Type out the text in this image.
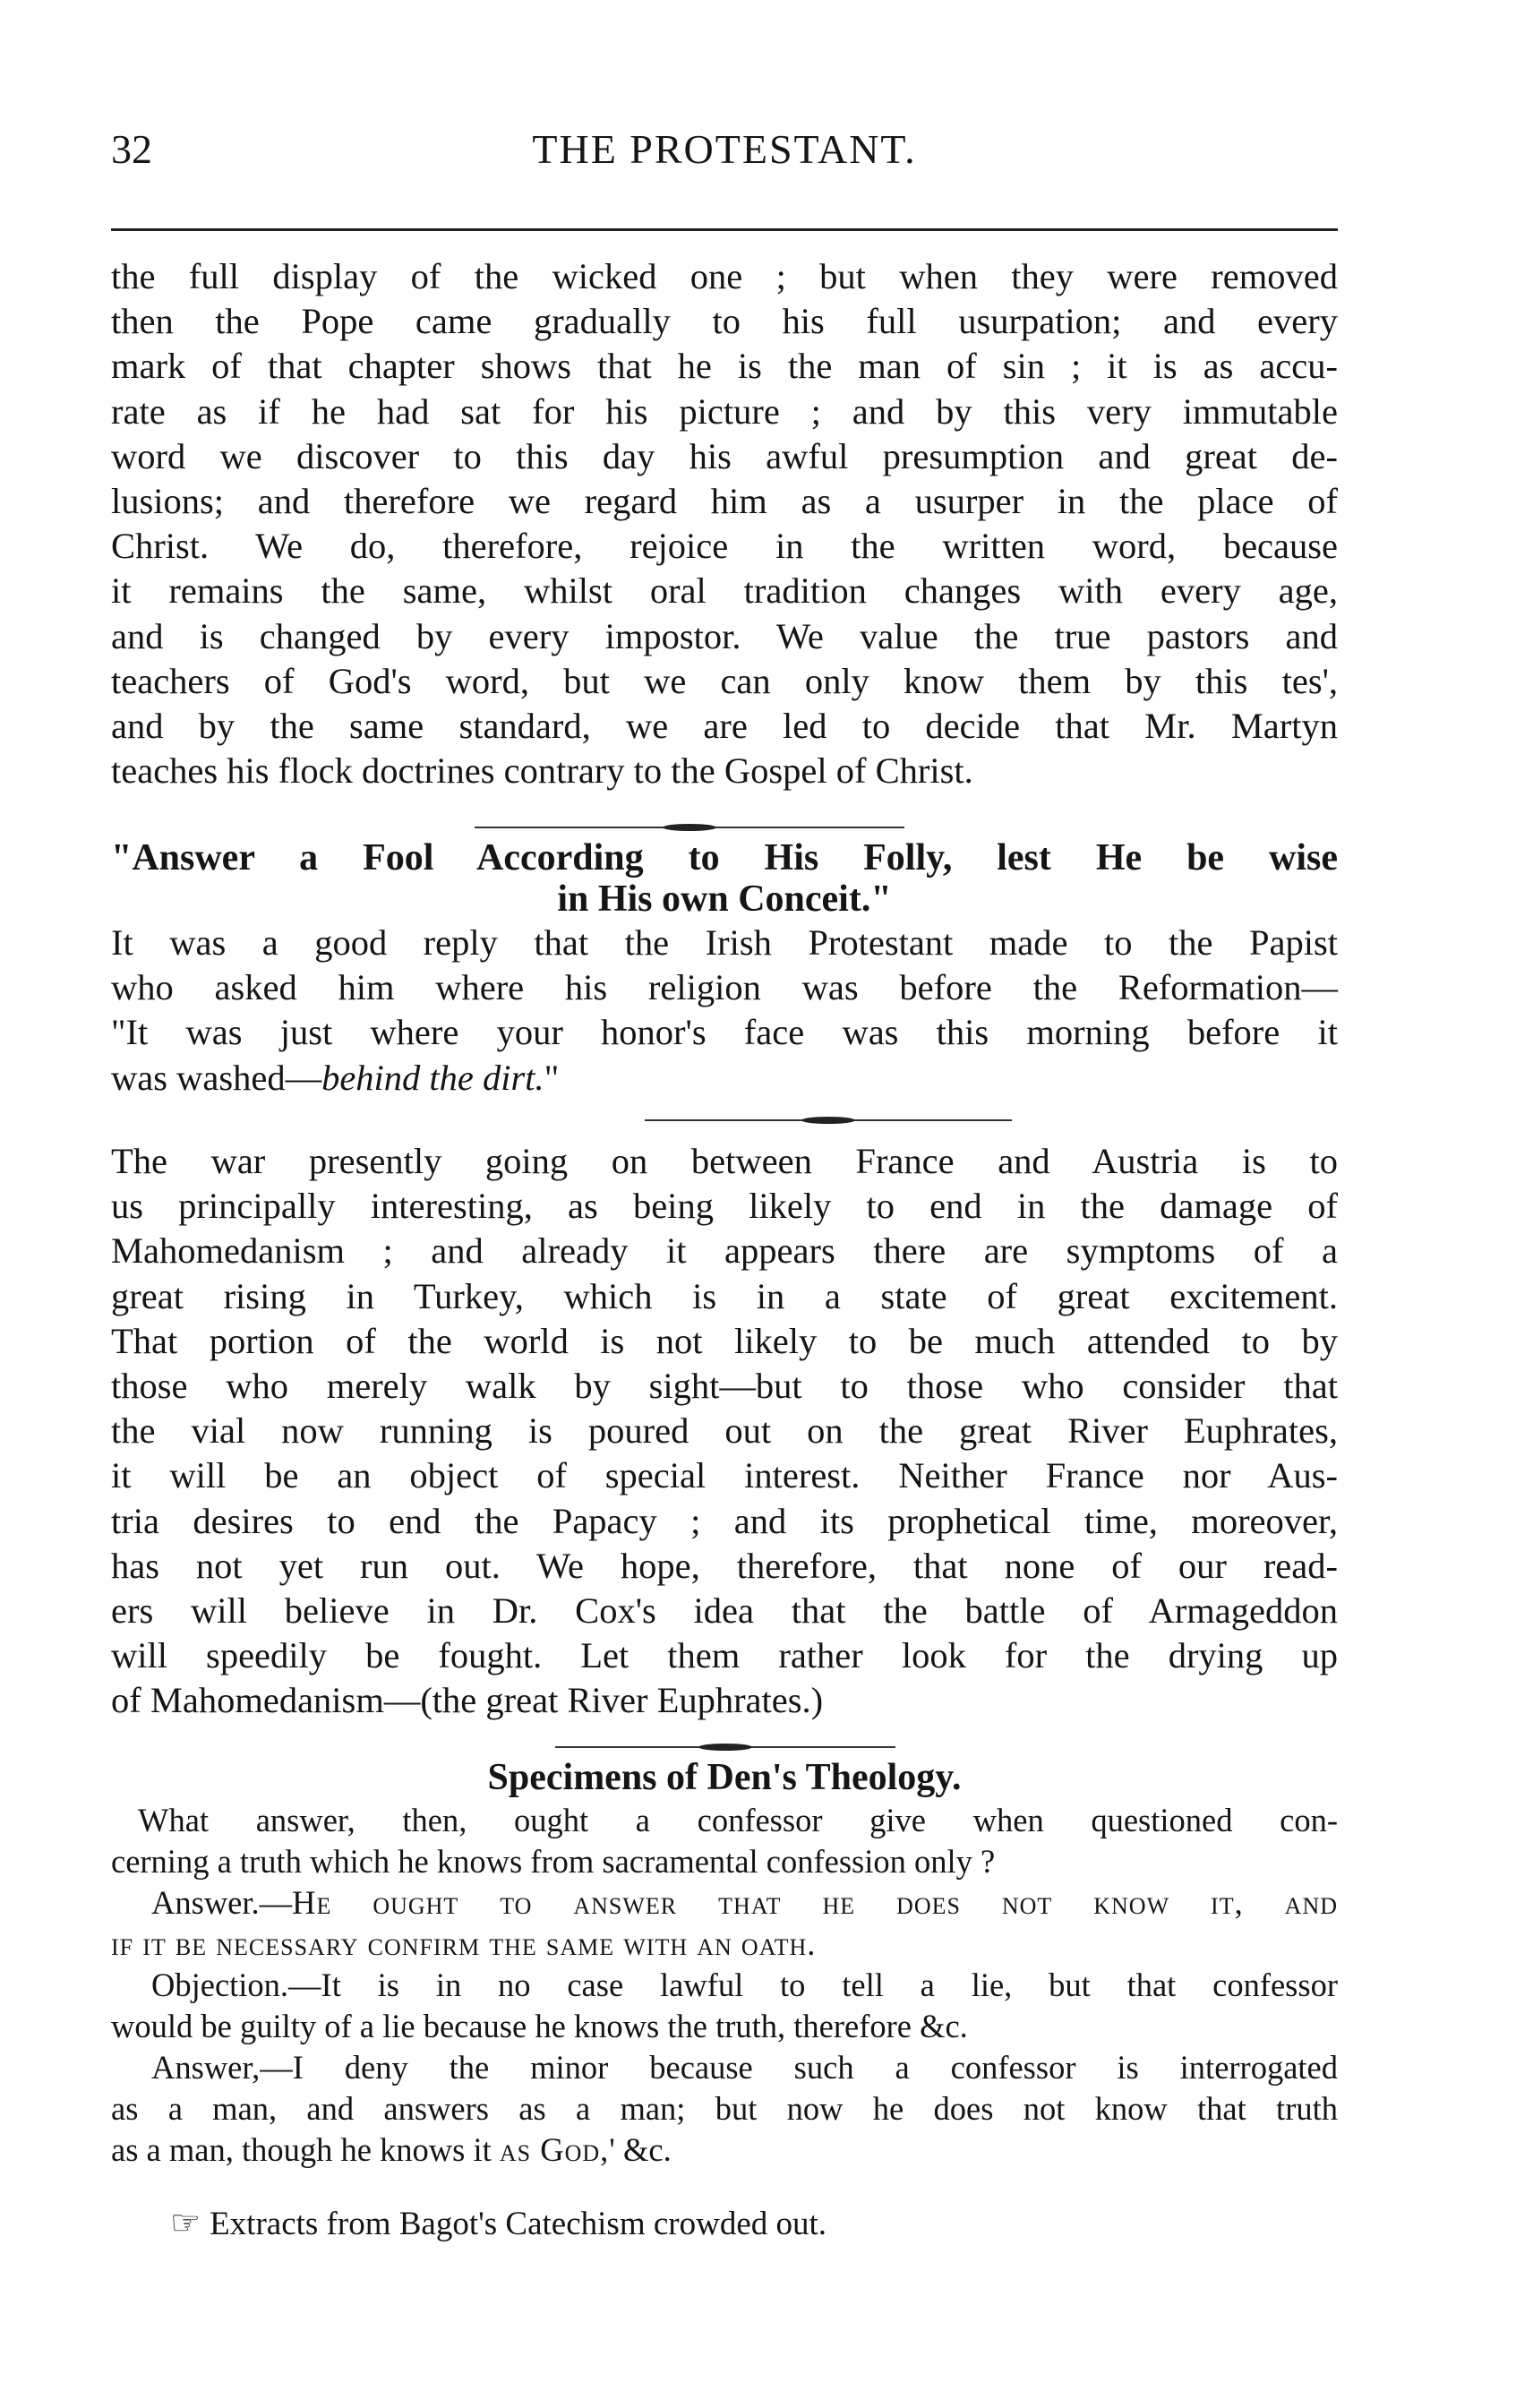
32	THE PROTESTANT.

the full display of the wicked one ; but when they were removed
then the Pope came gradually to his full usurpation; and every
mark of that chapter shows that he is the man of sin ; it is as accu-
rate as if he had sat for his picture ; and by this very immutable
word we discover to this day his awful presumption and great de-
lusions; and therefore we regard him as a usurper in the place of
Christ. We do, therefore, rejoice in the written word, because
it remains the same, whilst oral tradition changes with every age,
and is changed by every impostor. We value the true pastors and
teachers of God's word, but we can only know them by this tes',
and by the same standard, we are led to decide that Mr. Martyn
teaches his flock doctrines contrary to the Gospel of Christ.

"Answer a Fool According to His Folly, lest He be wise
in His own Conceit."

It was a good reply that the Irish Protestant made to the Papist
who asked him where his religion was before the Reformation—
"It was just where your honor's face was this morning before it
was washed—behind the dirt."

The war presently going on between France and Austria is to
us principally interesting, as being likely to end in the damage of
Mahomedanism ; and already it appears there are symptoms of a
great rising in Turkey, which is in a state of great excitement.
That portion of the world is not likely to be much attended to by
those who merely walk by sight—but to those who consider that
the vial now running is poured out on the great River Euphrates,
it will be an object of special interest. Neither France nor Aus-
tria desires to end the Papacy ; and its prophetical time, moreover,
has not yet run out. We hope, therefore, that none of our read-
ers will believe in Dr. Cox's idea that the battle of Armageddon
will speedily be fought. Let them rather look for the drying up
of Mahomedanism—(the great River Euphrates.)

Specimens of Den's Theology.

What answer, then, ought a confessor give when questioned con-
cerning a truth which he knows from sacramental confession only ?

Answer.—He ought to answer that he does not know it, and
if it be necessary confirm the same with an oath.

Objection.—It is in no case lawful to tell a lie, but that confessor
would be guilty of a lie because he knows the truth, therefore &c.

Answer,—I deny the minor because such a confessor is interrogated
as a man, and answers as a man; but now he does not know that truth
as a man, though he knows it as God,' &c.

☞ Extracts from Bagot's Catechism crowded out.
